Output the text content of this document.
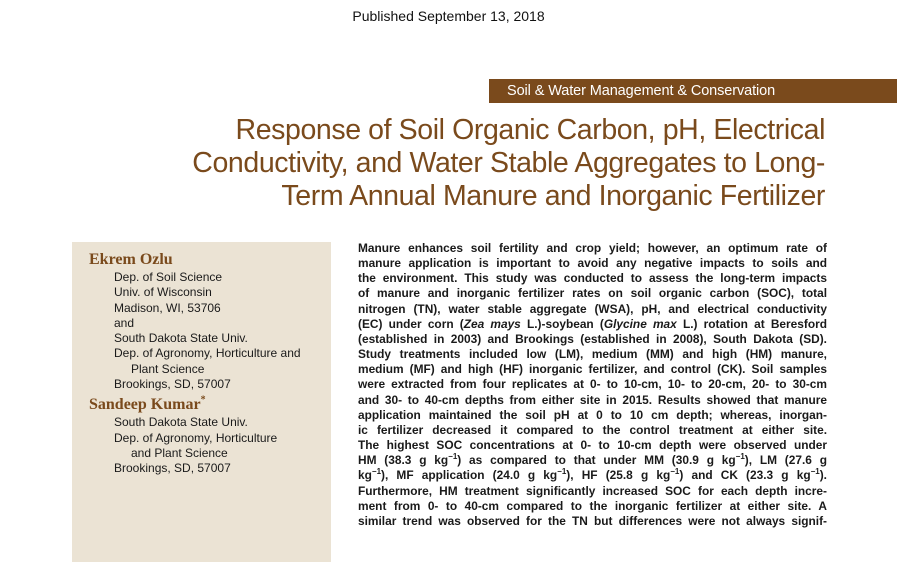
Published September 13, 2018
Soil & Water Management & Conservation
Response of Soil Organic Carbon, pH, Electrical
Conductivity, and Water Stable Aggregates to Long-
Term Annual Manure and Inorganic Fertilizer
Ekrem Ozlu
Dep. of Soil Science
Univ. of Wisconsin
Madison, WI, 53706
and
South Dakota State Univ.
Dep. of Agronomy, Horticulture and
Plant Science
Brookings, SD, 57007
Sandeep Kumar*
South Dakota State Univ.
Dep. of Agronomy, Horticulture
and Plant Science
Brookings, SD, 57007
Manure enhances soil fertility and crop yield; however, an optimum rate of
manure application is important to avoid any negative impacts to soils and
the environment. This study was conducted to assess the long-term impacts
of manure and inorganic fertilizer rates on soil organic carbon (SOC), total
nitrogen (TN), water stable aggregate (WSA), pH, and electrical conductivity
(EC) under corn (Zea mays L.)-soybean (Glycine max L.) rotation at Beresford
(established in 2003) and Brookings (established in 2008), South Dakota (SD).
Study treatments included low (LM), medium (MM) and high (HM) manure,
medium (MF) and high (HF) inorganic fertilizer, and control (CK). Soil samples
were extracted from four replicates at 0- to 10-cm, 10- to 20-cm, 20- to 30-cm
and 30- to 40-cm depths from either site in 2015. Results showed that manure
application maintained the soil pH at 0 to 10 cm depth; whereas, inorgan-
ic fertilizer decreased it compared to the control treatment at either site.
The highest SOC concentrations at 0- to 10-cm depth were observed under
HM (38.3 g $kg^{-1}$) as compared to that under MM (30.9 g $kg^{-1}$), LM (27.6 g
$kg^{-1}$), MF application (24.0 g $kg^{-1}$), HF (25.8 g $kg^{-1}$) and CK (23.3 g $kg^{-1}$).
Furthermore, HM treatment significantly increased SOC for each depth incre-
ment from 0- to 40-cm compared to the inorganic fertilizer at either site. A
similar trend was observed for the TN but differences were not always signif-
